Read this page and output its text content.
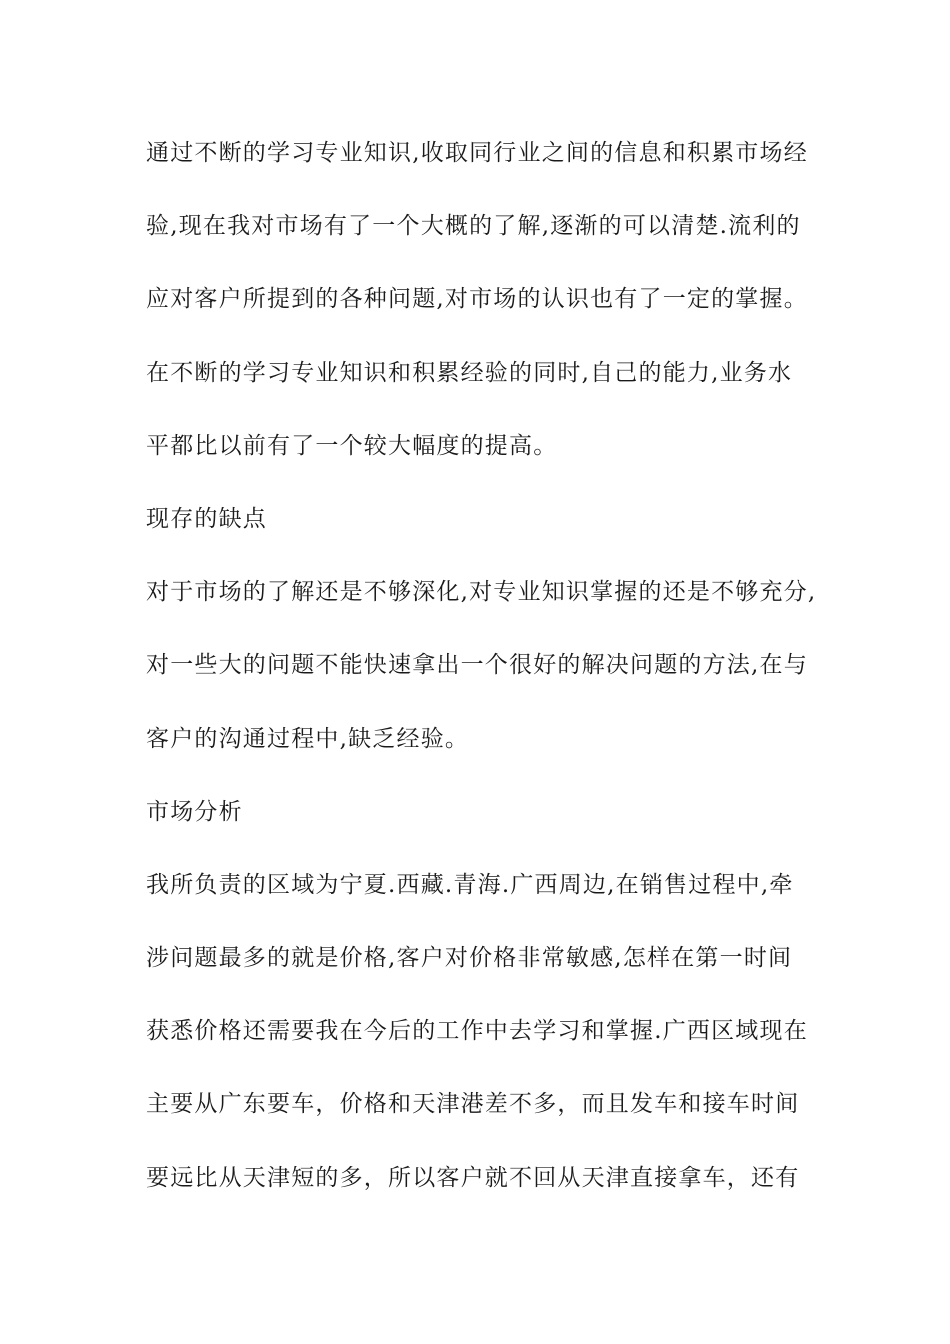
通过不断的学习专业知识,收取同行业之间的信息和积累市场经
验,现在我对市场有了一个大概的了解,逐渐的可以清楚.流利的
应对客户所提到的各种问题,对市场的认识也有了一定的掌握。
在不断的学习专业知识和积累经验的同时,自己的能力,业务水
平都比以前有了一个较大幅度的提高。
现存的缺点
对于市场的了解还是不够深化,对专业知识掌握的还是不够充分,
对一些大的问题不能快速拿出一个很好的解决问题的方法,在与
客户的沟通过程中,缺乏经验。
市场分析
我所负责的区域为宁夏.西藏.青海.广西周边,在销售过程中,牵
涉问题最多的就是价格,客户对价格非常敏感,怎样在第一时间
获悉价格还需要我在今后的工作中去学习和掌握.广西区域现在
主要从广东要车，价格和天津港差不多，而且发车和接车时间
要远比从天津短的多，所以客户就不回从天津直接拿车，还有
